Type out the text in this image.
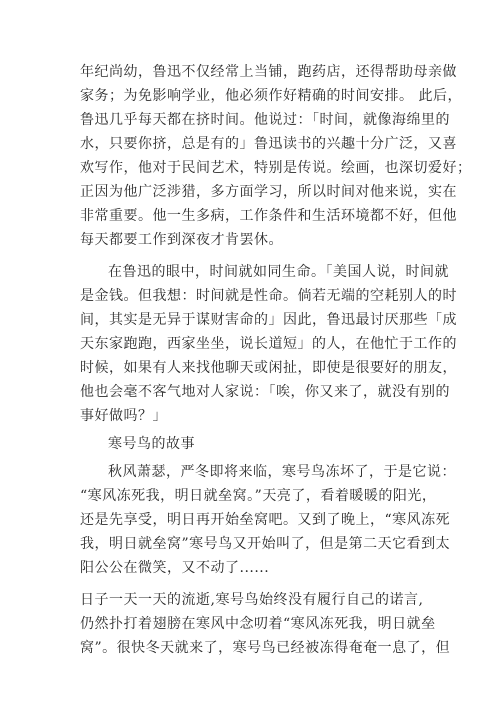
年纪尚幼，鲁迅不仅经常上当铺，跑药店，还得帮助母亲做
家务；为免影响学业，他必须作好精确的时间安排。 此后，
鲁迅几乎每天都在挤时间。他说过：「时间，就像海绵里的
水，只要你挤，总是有的」鲁迅读书的兴趣十分广泛，又喜
欢写作，他对于民间艺术，特别是传说。绘画，也深切爱好；
正因为他广泛涉猎，多方面学习，所以时间对他来说，实在
非常重要。他一生多病，工作条件和生活环境都不好，但他
每天都要工作到深夜才肯罢休。
在鲁迅的眼中，时间就如同生命。「美国人说，时间就
是金钱。但我想：时间就是性命。倘若无端的空耗别人的时
间，其实是无异于谋财害命的」因此，鲁迅最讨厌那些「成
天东家跑跑，西家坐坐，说长道短」的人，在他忙于工作的
时候，如果有人来找他聊天或闲扯，即使是很要好的朋友，
他也会毫不客气地对人家说：「唉，你又来了，就没有别的
事好做吗？」
寒号鸟的故事
秋风萧瑟，严冬即将来临，寒号鸟冻坏了，于是它说：
“寒风冻死我，明日就垒窝。”天亮了，看着暖暖的阳光，
还是先享受，明日再开始垒窝吧。又到了晚上，“寒风冻死
我，明日就垒窝”寒号鸟又开始叫了，但是第二天它看到太
阳公公在微笑，又不动了......
日子一天一天的流逝,寒号鸟始终没有履行自己的诺言,
仍然扑打着翅膀在寒风中念叨着“寒风冻死我，明日就垒
窝”。很快冬天就来了，寒号鸟已经被冻得奄奄一息了，但
